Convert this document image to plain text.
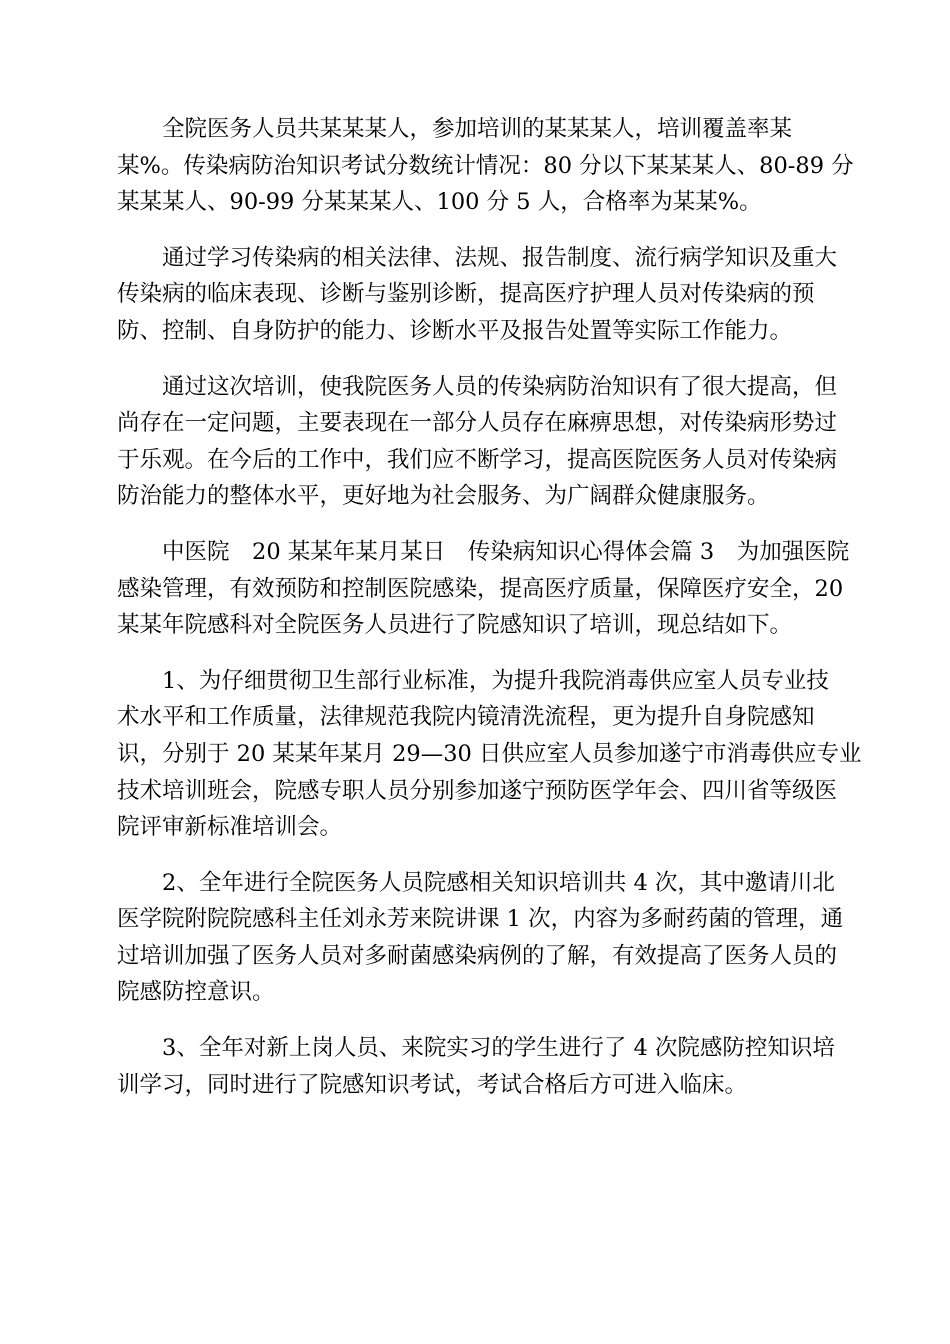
全院医务人员共某某某人，参加培训的某某某人，培训覆盖率某
某%。传染病防治知识考试分数统计情况：80 分以下某某某人、80-89 分
某某某人、90-99 分某某某人、100 分 5 人，合格率为某某%。

通过学习传染病的相关法律、法规、报告制度、流行病学知识及重大
传染病的临床表现、诊断与鉴别诊断，提高医疗护理人员对传染病的预
防、控制、自身防护的能力、诊断水平及报告处置等实际工作能力。

通过这次培训，使我院医务人员的传染病防治知识有了很大提高，但
尚存在一定问题，主要表现在一部分人员存在麻痹思想，对传染病形势过
于乐观。在今后的工作中，我们应不断学习，提高医院医务人员对传染病
防治能力的整体水平，更好地为社会服务、为广阔群众健康服务。

中医院　20 某某年某月某日　传染病知识心得体会篇 3　为加强医院
感染管理，有效预防和控制医院感染，提高医疗质量，保障医疗安全，20
某某年院感科对全院医务人员进行了院感知识了培训，现总结如下。

1、为仔细贯彻卫生部行业标准，为提升我院消毒供应室人员专业技
术水平和工作质量，法律规范我院内镜清洗流程，更为提升自身院感知
识，分别于 20 某某年某月 29—30 日供应室人员参加遂宁市消毒供应专业
技术培训班会，院感专职人员分别参加遂宁预防医学年会、四川省等级医
院评审新标准培训会。

2、全年进行全院医务人员院感相关知识培训共 4 次，其中邀请川北
医学院附院院感科主任刘永芳来院讲课 1 次，内容为多耐药菌的管理，通
过培训加强了医务人员对多耐菌感染病例的了解，有效提高了医务人员的
院感防控意识。

3、全年对新上岗人员、来院实习的学生进行了 4 次院感防控知识培
训学习，同时进行了院感知识考试，考试合格后方可进入临床。
